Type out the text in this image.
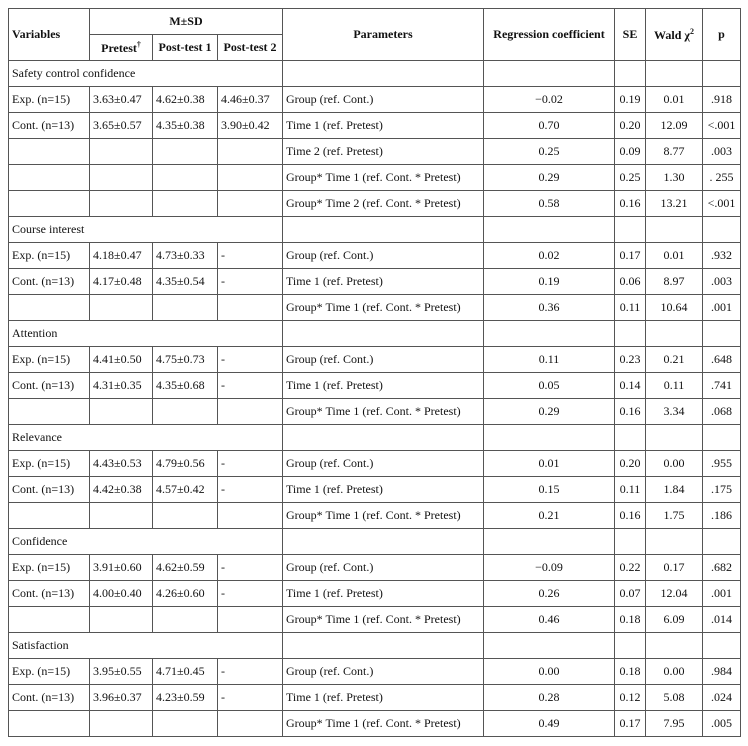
Variables	M±SD			Parameters	Regression coefficient	SE	Wald $\chi^2$	p
	Pretest†	Post-test 1	Post-test 2					
Safety control confidence								
Exp. (n=15)	3.63±0.47	4.62±0.38	4.46±0.37	Group (ref. Cont.)	−0.02	0.19	0.01	.918
Cont. (n=13)	3.65±0.57	4.35±0.38	3.90±0.42	Time 1 (ref. Pretest)	0.70	0.20	12.09	<.001
				Time 2 (ref. Pretest)	0.25	0.09	8.77	.003
				Group* Time 1 (ref. Cont. * Pretest)	0.29	0.25	1.30	. 255
				Group* Time 2 (ref. Cont. * Pretest)	0.58	0.16	13.21	<.001
Course interest								
Exp. (n=15)	4.18±0.47	4.73±0.33	-	Group (ref. Cont.)	0.02	0.17	0.01	.932
Cont. (n=13)	4.17±0.48	4.35±0.54	-	Time 1 (ref. Pretest)	0.19	0.06	8.97	.003
				Group* Time 1 (ref. Cont. * Pretest)	0.36	0.11	10.64	.001
Attention								
Exp. (n=15)	4.41±0.50	4.75±0.73	-	Group (ref. Cont.)	0.11	0.23	0.21	.648
Cont. (n=13)	4.31±0.35	4.35±0.68	-	Time 1 (ref. Pretest)	0.05	0.14	0.11	.741
				Group* Time 1 (ref. Cont. * Pretest)	0.29	0.16	3.34	.068
Relevance								
Exp. (n=15)	4.43±0.53	4.79±0.56	-	Group (ref. Cont.)	0.01	0.20	0.00	.955
Cont. (n=13)	4.42±0.38	4.57±0.42	-	Time 1 (ref. Pretest)	0.15	0.11	1.84	.175
				Group* Time 1 (ref. Cont. * Pretest)	0.21	0.16	1.75	.186
Confidence								
Exp. (n=15)	3.91±0.60	4.62±0.59	-	Group (ref. Cont.)	−0.09	0.22	0.17	.682
Cont. (n=13)	4.00±0.40	4.26±0.60	-	Time 1 (ref. Pretest)	0.26	0.07	12.04	.001
				Group* Time 1 (ref. Cont. * Pretest)	0.46	0.18	6.09	.014
Satisfaction								
Exp. (n=15)	3.95±0.55	4.71±0.45	-	Group (ref. Cont.)	0.00	0.18	0.00	.984
Cont. (n=13)	3.96±0.37	4.23±0.59	-	Time 1 (ref. Pretest)	0.28	0.12	5.08	.024
				Group* Time 1 (ref. Cont. * Pretest)	0.49	0.17	7.95	.005
